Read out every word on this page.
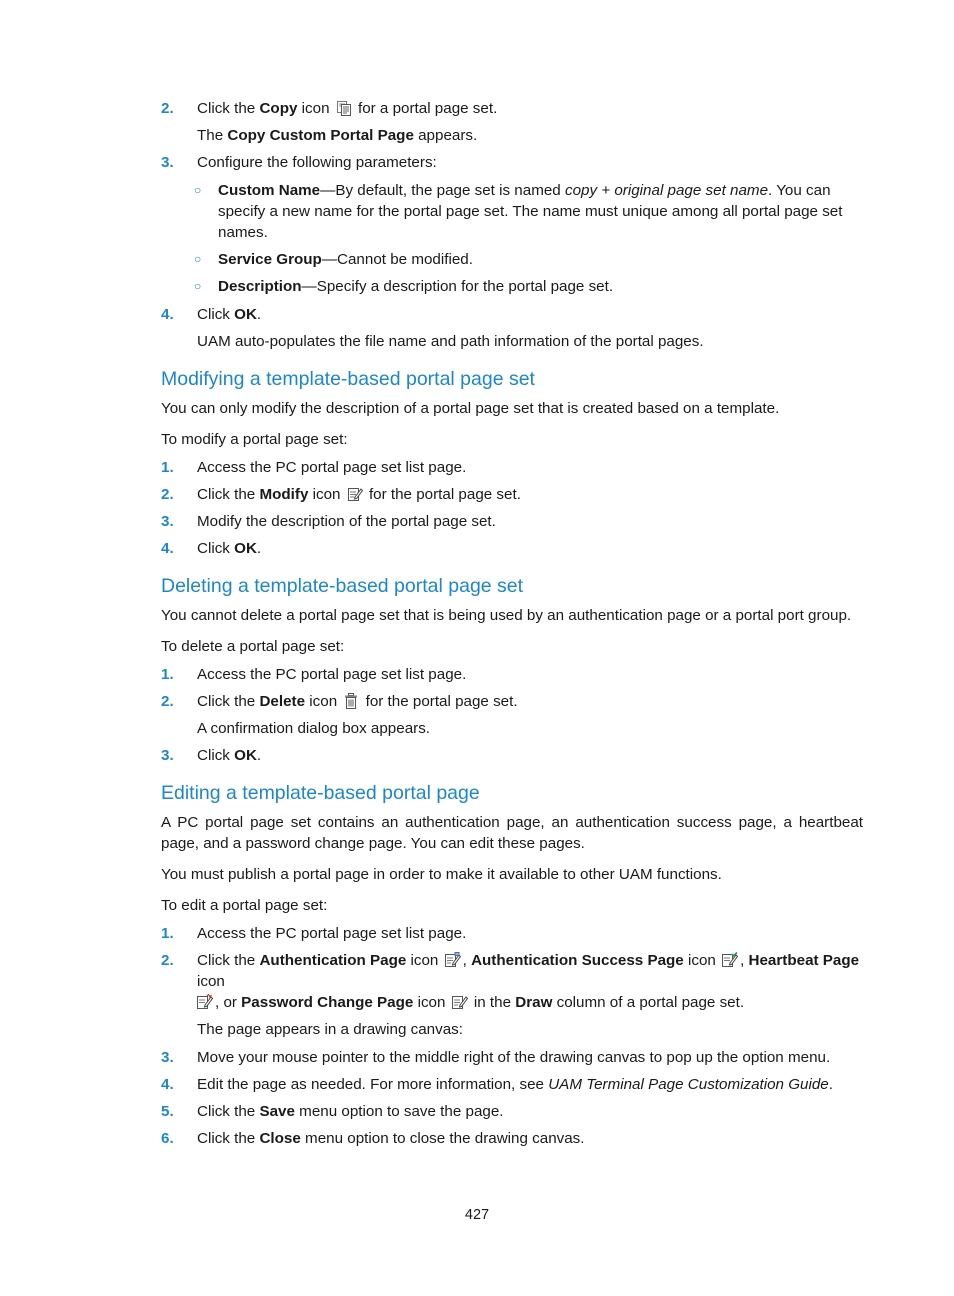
2. Click the Copy icon
for a portal page set.
The Copy Custom Portal Page appears.
3. Configure the following parameters:
○ Custom Name—By default, the page set is named copy + original page set name. You can specify a new name for the portal page set. The name must unique among all portal page set names.
○ Service Group—Cannot be modified.
○ Description—Specify a description for the portal page set.
4. Click OK.
UAM auto-populates the file name and path information of the portal pages.
Modifying a template-based portal page set

You can only modify the description of a portal page set that is created based on a template.

To modify a portal page set:

1. Access the PC portal page set list page.
2. Click the Modify icon
for the portal page set.
3. Modify the description of the portal page set.
4. Click OK.
Deleting a template-based portal page set

You cannot delete a portal page set that is being used by an authentication page or a portal port group.

To delete a portal page set:

1. Access the PC portal page set list page.
2. Click the Delete icon
for the portal page set.
A confirmation dialog box appears.
3. Click OK.
Editing a template-based portal page

A PC portal page set contains an authentication page, an authentication success page, a heartbeat page, and a password change page. You can edit these pages.

You must publish a portal page in order to make it available to other UAM functions.

To edit a portal page set:

1. Access the PC portal page set list page.
2. Click the Authentication Page icon
, Authentication Success Page icon
, Heartbeat Page icon

, or Password Change Page icon
in the Draw column of a portal page set.
The page appears in a drawing canvas:
3. Move your mouse pointer to the middle right of the drawing canvas to pop up the option menu.
4. Edit the page as needed. For more information, see UAM Terminal Page Customization Guide.
5. Click the Save menu option to save the page.
6. Click the Close menu option to close the drawing canvas.
427
